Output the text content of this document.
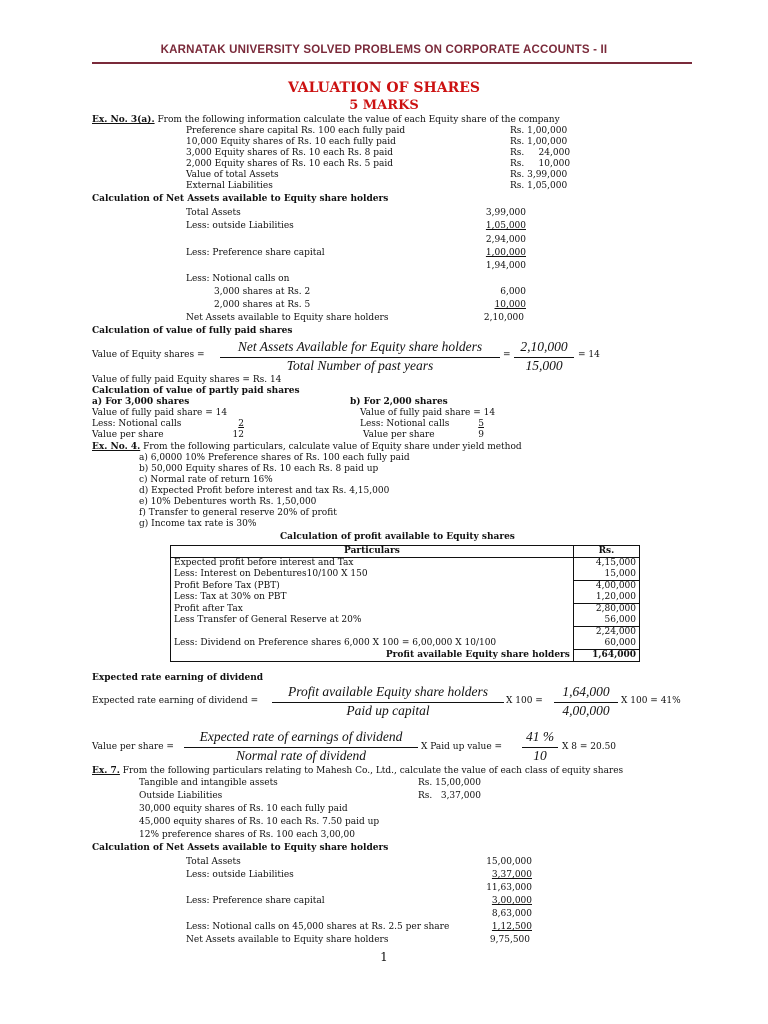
KARNATAK UNIVERSITY SOLVED PROBLEMS ON CORPORATE ACCOUNTS - II
VALUATION OF SHARES
5 MARKS
Ex. No. 3(a). From the following information calculate the value of each Equity share of the company
Preference share capital Rs. 100 each fully paid	Rs. 1,00,000
10,000 Equity shares of Rs. 10 each fully paid	Rs. 1,00,000
3,000 Equity shares of Rs. 10 each Rs. 8 paid	Rs.     24,000
2,000 Equity shares of Rs. 10 each Rs. 5 paid	Rs.     10,000
Value of total Assets	Rs. 3,99,000
External Liabilities	Rs. 1,05,000
Calculation of Net Assets available to Equity share holders
Total Assets	3,99,000
Less: outside Liabilities	1,05,000
2,94,000
Less: Preference share capital	1,00,000
1,94,000
Less: Notional calls on
3,000 shares at Rs. 2	6,000
2,000 shares at Rs. 5	10,000
Net Assets available to Equity share holders	2,10,000
Calculation of value of fully paid shares
Value of Equity shares =
Net Assets Available for Equity share holders
Total Number of past years
=
2,10,000
15,000
= 14
Value of fully paid Equity shares = Rs. 14
Calculation of value of partly paid shares
a) For 3,000 shares	b) For 2,000 shares
Value of fully paid share = 14	Value of fully paid share = 14
Less: Notional calls	2	Less: Notional calls	5
Value per share	12	Value per share	9
Ex. No. 4. From the following particulars, calculate value of Equity share under yield method
a) 6,0000 10% Preference shares of Rs. 100 each fully paid
b) 50,000 Equity shares of Rs. 10 each Rs. 8 paid up
c) Normal rate of return 16%
d) Expected Profit before interest and tax Rs. 4,15,000
e) 10% Debentures worth Rs. 1,50,000
f) Transfer to general reserve 20% of profit
g) Income tax rate is 30%
Calculation of profit available to Equity shares
Particulars	Rs.
Expected profit before interest and Tax	4,15,000
Less: Interest on Debentures10/100 X 150	15,000
Profit Before Tax (PBT)	4,00,000
Less: Tax at 30% on PBT	1,20,000
Profit after Tax	2,80,000
Less Transfer of General Reserve at 20%	56,000
	2,24,000
Less: Dividend on Preference shares 6,000 X 100 = 6,00,000 X 10/100	60,000
Profit available Equity share holders	1,64,000
Expected rate earning of dividend
Expected rate earning of dividend =
Profit available Equity share holders
Paid up capital
X 100 =
1,64,000
4,00,000
X 100 = 41%
Value per share =
Expected rate of earnings of dividend
Normal rate of dividend
X Paid up value =
41 %
10
X 8 = 20.50
Ex. 7. From the following particulars relating to Mahesh Co., Ltd., calculate the value of each class of equity shares
Tangible and intangible assets	Rs. 15,00,000
Outside Liabilities	Rs.   3,37,000
30,000 equity shares of Rs. 10 each fully paid
45,000 equity shares of Rs. 10 each Rs. 7.50 paid up
12% preference shares of Rs. 100 each 3,00,00
Calculation of Net Assets available to Equity share holders
Total Assets	15,00,000
Less: outside Liabilities	3,37,000
11,63,000
Less: Preference share capital	3,00,000
8,63,000
Less: Notional calls on 45,000 shares at Rs. 2.5 per share	1,12,500
Net Assets available to Equity share holders	9,75,500
1
